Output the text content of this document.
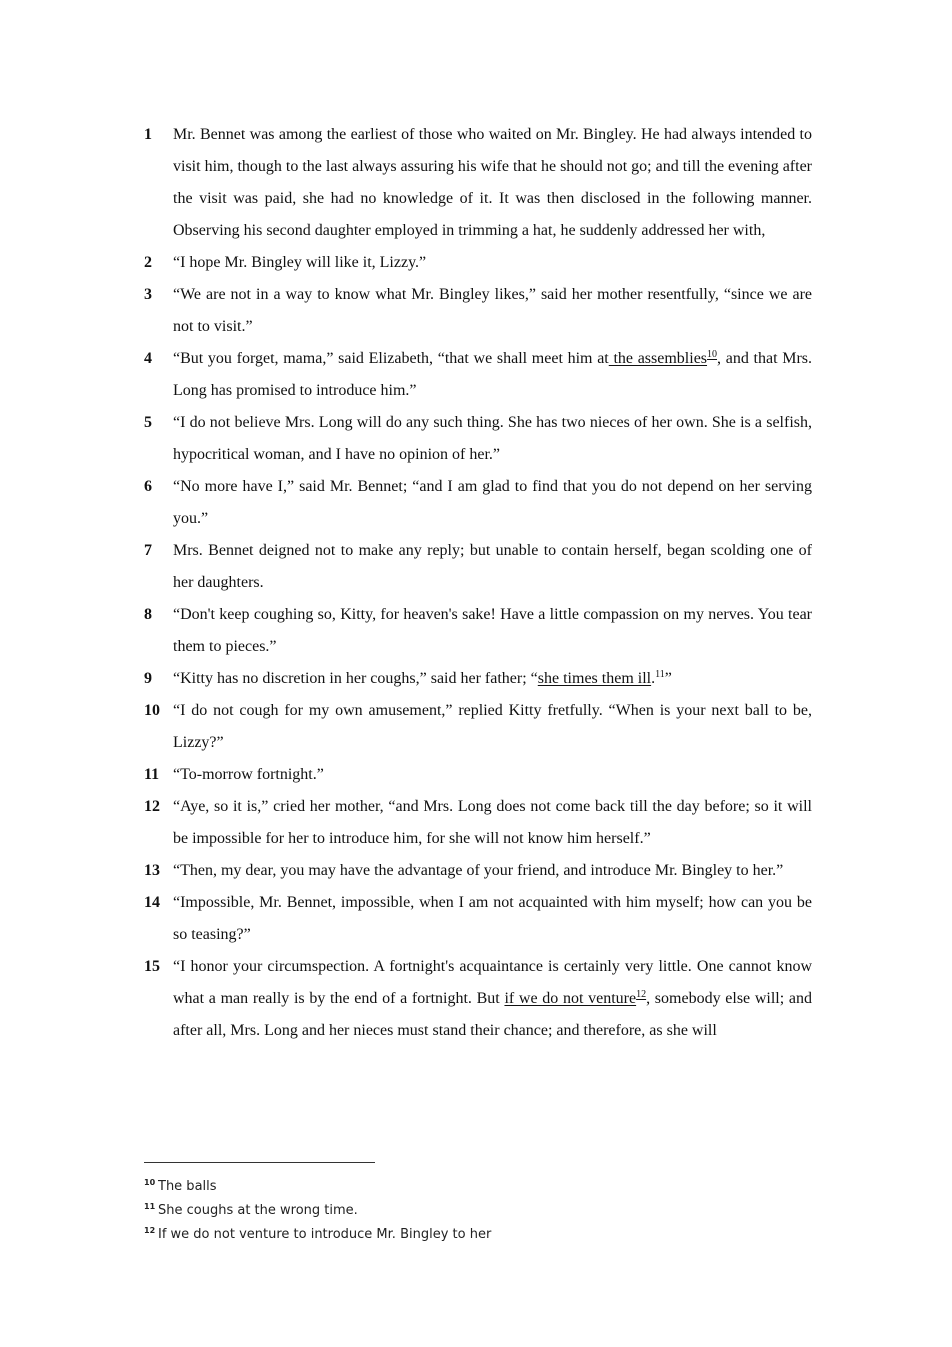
1	Mr. Bennet was among the earliest of those who waited on Mr. Bingley. He had always intended to visit him, though to the last always assuring his wife that he should not go; and till the evening after the visit was paid, she had no knowledge of it. It was then disclosed in the following manner. Observing his second daughter employed in trimming a hat, he suddenly addressed her with,
2	“I hope Mr. Bingley will like it, Lizzy.”
3	“We are not in a way to know what Mr. Bingley likes,” said her mother resentfully, “since we are not to visit.”
4	“But you forget, mama,” said Elizabeth, “that we shall meet him at the assemblies$^{10}$, and that Mrs. Long has promised to introduce him.”
5	“I do not believe Mrs. Long will do any such thing. She has two nieces of her own. She is a selfish, hypocritical woman, and I have no opinion of her.”
6	“No more have I,” said Mr. Bennet; “and I am glad to find that you do not depend on her serving you.”
7	Mrs. Bennet deigned not to make any reply; but unable to contain herself, began scolding one of her daughters.
8	“Don't keep coughing so, Kitty, for heaven's sake! Have a little compassion on my nerves. You tear them to pieces.”
9	“Kitty has no discretion in her coughs,” said her father; “she times them ill.$^{11}$”
10 “I do not cough for my own amusement,” replied Kitty fretfully. “When is your next ball to be, Lizzy?”
11 “To-morrow fortnight.”
12 “Aye, so it is,” cried her mother, “and Mrs. Long does not come back till the day before; so it will be impossible for her to introduce him, for she will not know him herself.”
13 “Then, my dear, you may have the advantage of your friend, and introduce Mr. Bingley to her.”
14 “Impossible, Mr. Bennet, impossible, when I am not acquainted with him myself; how can you be so teasing?”
15 “I honor your circumspection. A fortnight's acquaintance is certainly very little. One cannot know what a man really is by the end of a fortnight. But if we do not venture$^{12}$, somebody else will; and after all, Mrs. Long and her nieces must stand their chance; and therefore, as she will
10 The balls
11 She coughs at the wrong time.
12 If we do not venture to introduce Mr. Bingley to her
